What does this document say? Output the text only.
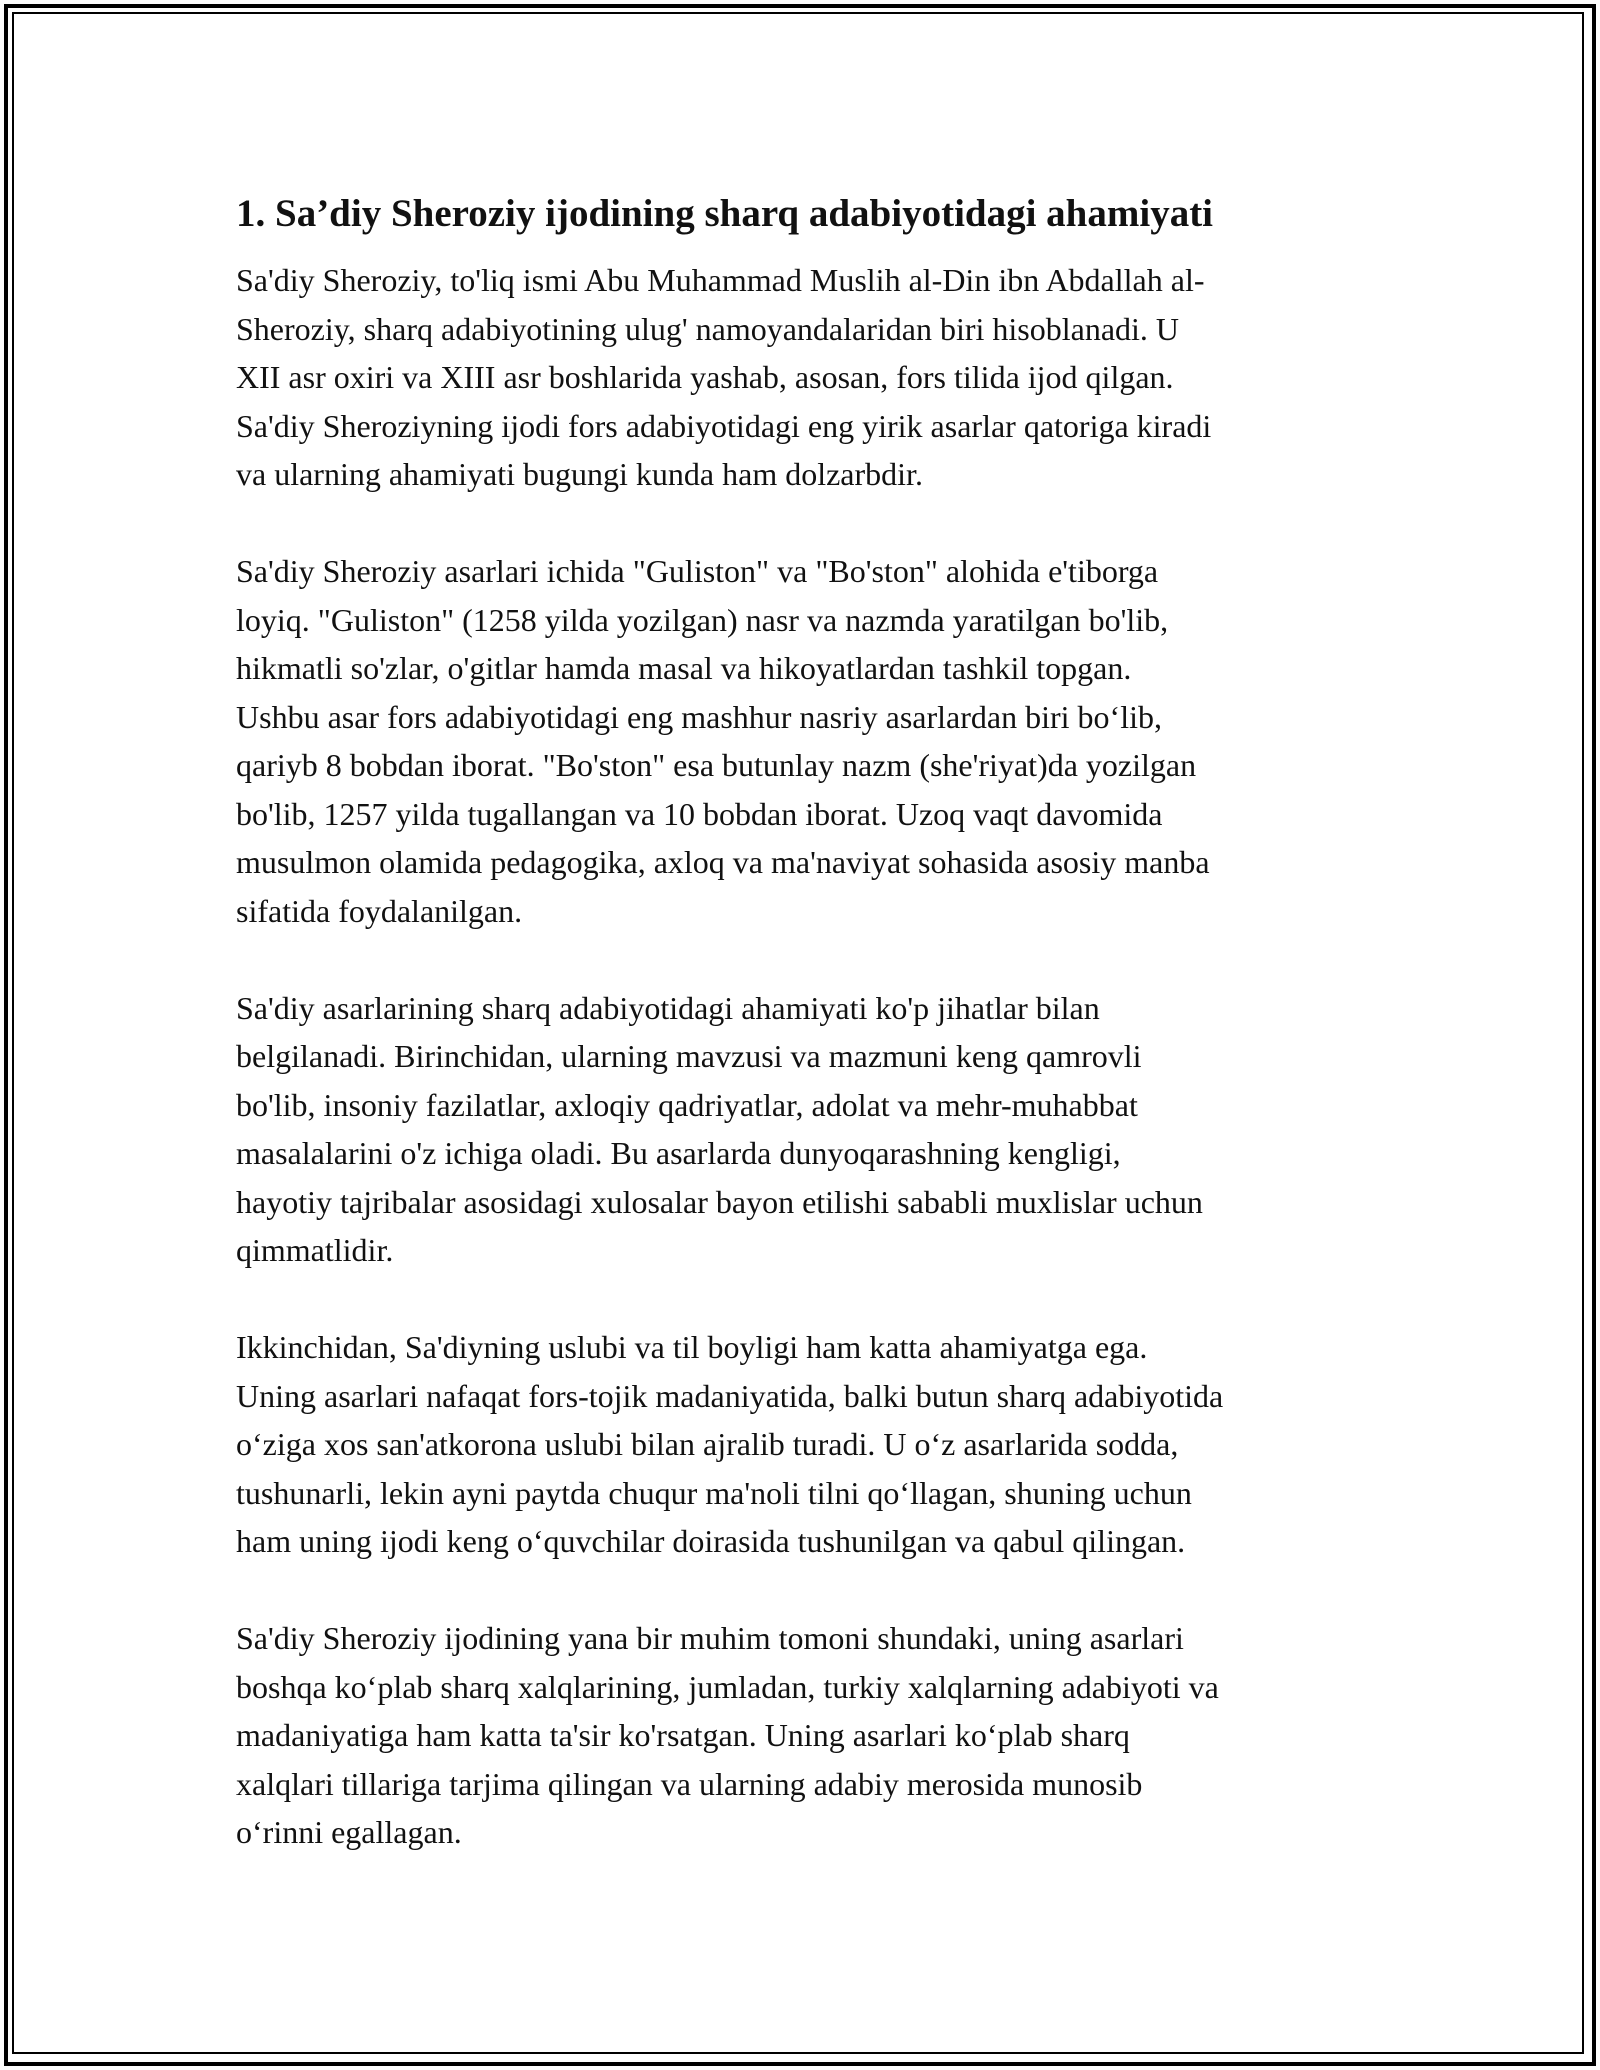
1. Sa’diy Sheroziy ijodining sharq adabiyotidagi ahamiyati
Sa'diy Sheroziy, to'liq ismi Abu Muhammad Muslih al-Din ibn Abdallah al-
Sheroziy, sharq adabiyotining ulug' namoyandalaridan biri hisoblanadi. U
XII asr oxiri va XIII asr boshlarida yashab, asosan, fors tilida ijod qilgan.
Sa'diy Sheroziyning ijodi fors adabiyotidagi eng yirik asarlar qatoriga kiradi
va ularning ahamiyati bugungi kunda ham dolzarbdir.
Sa'diy Sheroziy asarlari ichida "Guliston" va "Bo'ston" alohida e'tiborga
loyiq. "Guliston" (1258 yilda yozilgan) nasr va nazmda yaratilgan bo'lib,
hikmatli so'zlar, o'gitlar hamda masal va hikoyatlardan tashkil topgan.
Ushbu asar fors adabiyotidagi eng mashhur nasriy asarlardan biri bo‘lib,
qariyb 8 bobdan iborat. "Bo'ston" esa butunlay nazm (she'riyat)da yozilgan
bo'lib, 1257 yilda tugallangan va 10 bobdan iborat. Uzoq vaqt davomida
musulmon olamida pedagogika, axloq va ma'naviyat sohasida asosiy manba
sifatida foydalanilgan.
Sa'diy asarlarining sharq adabiyotidagi ahamiyati ko'p jihatlar bilan
belgilanadi. Birinchidan, ularning mavzusi va mazmuni keng qamrovli
bo'lib, insoniy fazilatlar, axloqiy qadriyatlar, adolat va mehr-muhabbat
masalalarini o'z ichiga oladi. Bu asarlarda dunyoqarashning kengligi,
hayotiy tajribalar asosidagi xulosalar bayon etilishi sababli muxlislar uchun
qimmatlidir.
Ikkinchidan, Sa'diyning uslubi va til boyligi ham katta ahamiyatga ega.
Uning asarlari nafaqat fors-tojik madaniyatida, balki butun sharq adabiyotida
o‘ziga xos san'atkorona uslubi bilan ajralib turadi. U o‘z asarlarida sodda,
tushunarli, lekin ayni paytda chuqur ma'noli tilni qo‘llagan, shuning uchun
ham uning ijodi keng o‘quvchilar doirasida tushunilgan va qabul qilingan.
Sa'diy Sheroziy ijodining yana bir muhim tomoni shundaki, uning asarlari
boshqa ko‘plab sharq xalqlarining, jumladan, turkiy xalqlarning adabiyoti va
madaniyatiga ham katta ta'sir ko'rsatgan. Uning asarlari ko‘plab sharq
xalqlari tillariga tarjima qilingan va ularning adabiy merosida munosib
o‘rinni egallagan.
